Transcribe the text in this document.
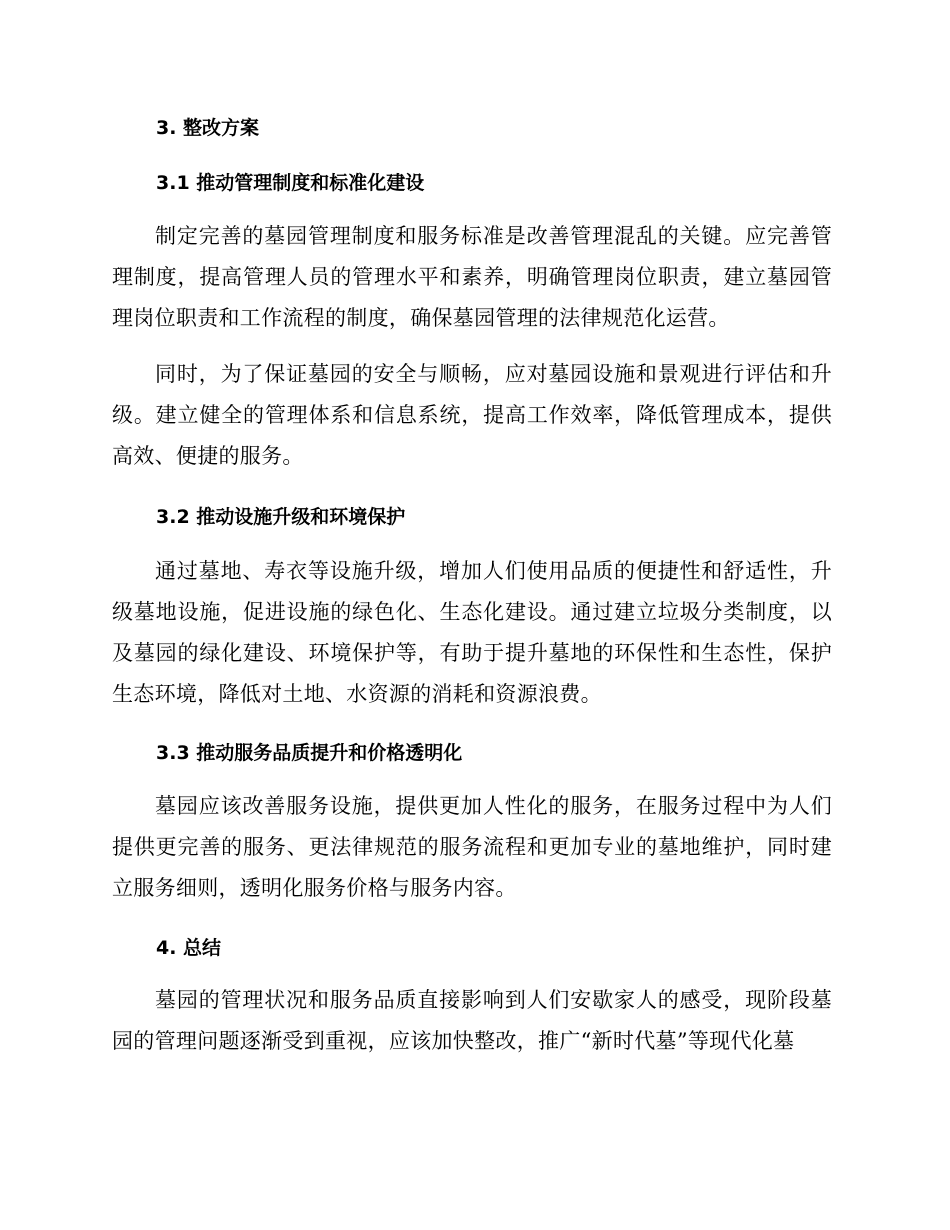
3. 整改方案
3.1 推动管理制度和标准化建设
制定完善的墓园管理制度和服务标准是改善管理混乱的关键。应完善管理制度，提高管理人员的管理水平和素养，明确管理岗位职责，建立墓园管理岗位职责和工作流程的制度，确保墓园管理的法律规范化运营。
同时，为了保证墓园的安全与顺畅，应对墓园设施和景观进行评估和升级。建立健全的管理体系和信息系统，提高工作效率，降低管理成本，提供高效、便捷的服务。
3.2 推动设施升级和环境保护
通过墓地、寿衣等设施升级，增加人们使用品质的便捷性和舒适性，升级墓地设施，促进设施的绿色化、生态化建设。通过建立垃圾分类制度，以及墓园的绿化建设、环境保护等，有助于提升墓地的环保性和生态性，保护生态环境，降低对土地、水资源的消耗和资源浪费。
3.3 推动服务品质提升和价格透明化
墓园应该改善服务设施，提供更加人性化的服务，在服务过程中为人们提供更完善的服务、更法律规范的服务流程和更加专业的墓地维护，同时建立服务细则，透明化服务价格与服务内容。
4. 总结
墓园的管理状况和服务品质直接影响到人们安歇家人的感受，现阶段墓园的管理问题逐渐受到重视，应该加快整改，推广“新时代墓”等现代化墓
